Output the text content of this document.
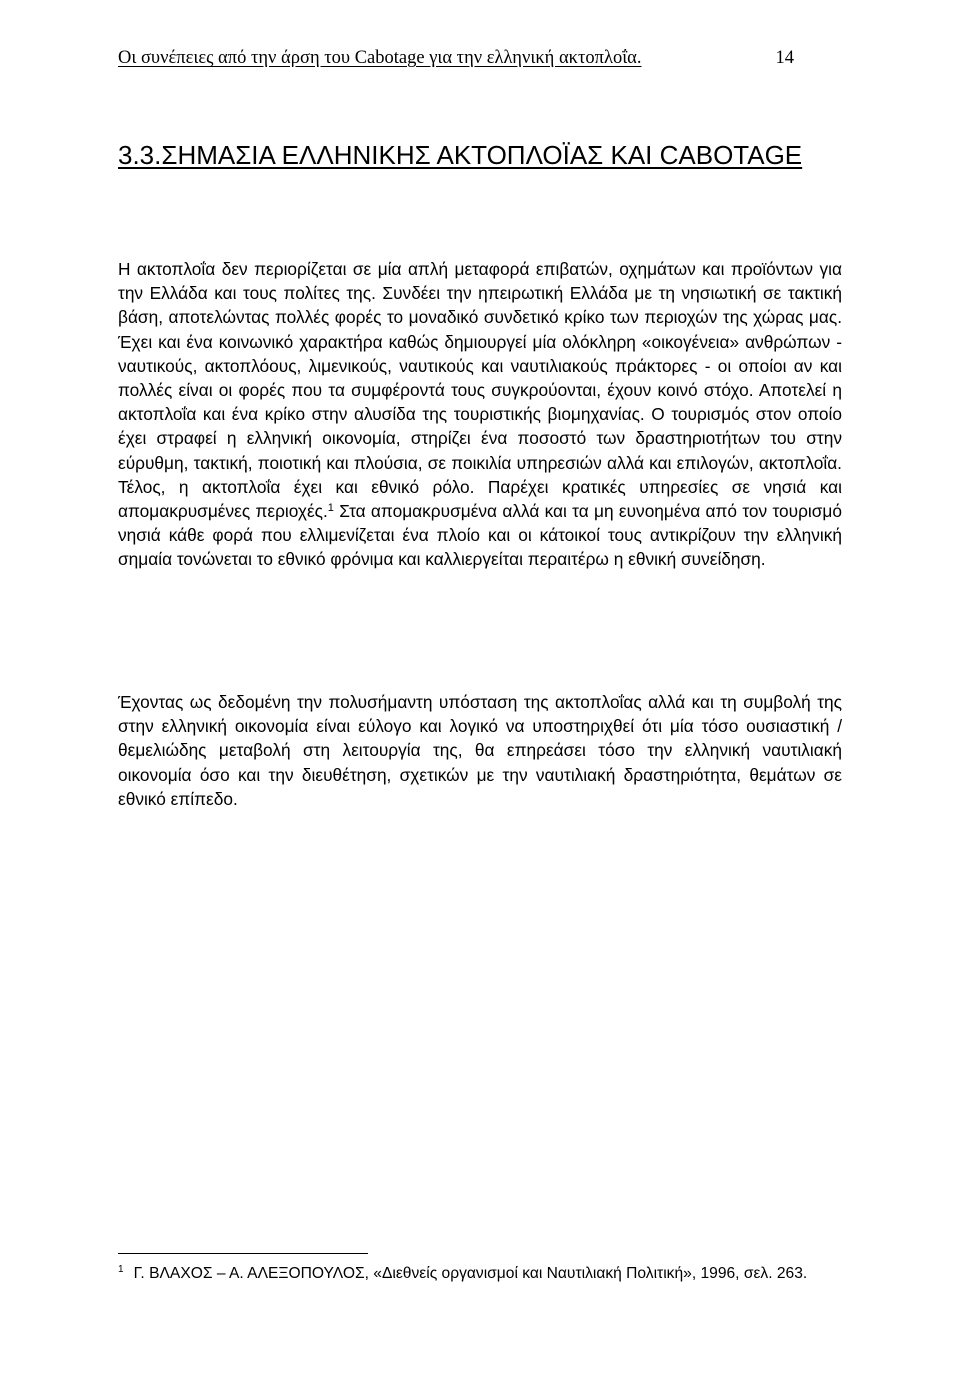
Οι συνέπειες από την άρση του Cabotage για την ελληνική ακτοπλοΐα.	14
3.3.ΣΗΜΑΣΙΑ ΕΛΛΗΝΙΚΗΣ ΑΚΤΟΠΛΟΪΑΣ ΚΑΙ CABOTAGE

Η ακτοπλοΐα δεν περιορίζεται σε μία απλή μεταφορά επιβατών, οχημάτων και προϊόντων για την Ελλάδα και τους πολίτες της. Συνδέει την ηπειρωτική Ελλάδα με τη νησιωτική σε τακτική βάση, αποτελώντας πολλές φορές το μοναδικό συνδετικό κρίκο των περιοχών της χώρας μας. Έχει και ένα κοινωνικό χαρακτήρα καθώς δημιουργεί μία ολόκληρη «οικογένεια» ανθρώπων - ναυτικούς, ακτοπλόους, λιμενικούς, ναυτικούς και ναυτιλιακούς πράκτορες - οι οποίοι αν και πολλές είναι οι φορές που τα συμφέροντά τους συγκρούονται, έχουν κοινό στόχο. Αποτελεί η ακτοπλοΐα και ένα κρίκο στην αλυσίδα της τουριστικής βιομηχανίας. Ο τουρισμός στον οποίο έχει στραφεί η ελληνική οικονομία, στηρίζει ένα ποσοστό των δραστηριοτήτων του στην εύρυθμη, τακτική, ποιοτική και πλούσια, σε ποικιλία υπηρεσιών αλλά και επιλογών, ακτοπλοΐα. Τέλος, η ακτοπλοΐα έχει και εθνικό ρόλο. Παρέχει κρατικές υπηρεσίες σε νησιά και απομακρυσμένες περιοχές.$^1$ Στα απομακρυσμένα αλλά και τα μη ευνοημένα από τον τουρισμό νησιά κάθε φορά που ελλιμενίζεται ένα πλοίο και οι κάτοικοί τους αντικρίζουν την ελληνική σημαία τονώνεται το εθνικό φρόνιμα και καλλιεργείται περαιτέρω η εθνική συνείδηση.

Έχοντας ως δεδομένη την πολυσήμαντη υπόσταση της ακτοπλοΐας αλλά και τη συμβολή της στην ελληνική οικονομία είναι εύλογο και λογικό να υποστηριχθεί ότι μία τόσο ουσιαστική /θεμελιώδης μεταβολή στη λειτουργία της, θα επηρεάσει τόσο την ελληνική ναυτιλιακή οικονομία όσο και την διευθέτηση, σχετικών με την ναυτιλιακή δραστηριότητα, θεμάτων σε εθνικό επίπεδο.

$^1$ Γ. ΒΛΑΧΟΣ – Α. ΑΛΕΞΟΠΟΥΛΟΣ, «Διεθνείς οργανισμοί και Ναυτιλιακή Πολιτική», 1996, σελ. 263.
